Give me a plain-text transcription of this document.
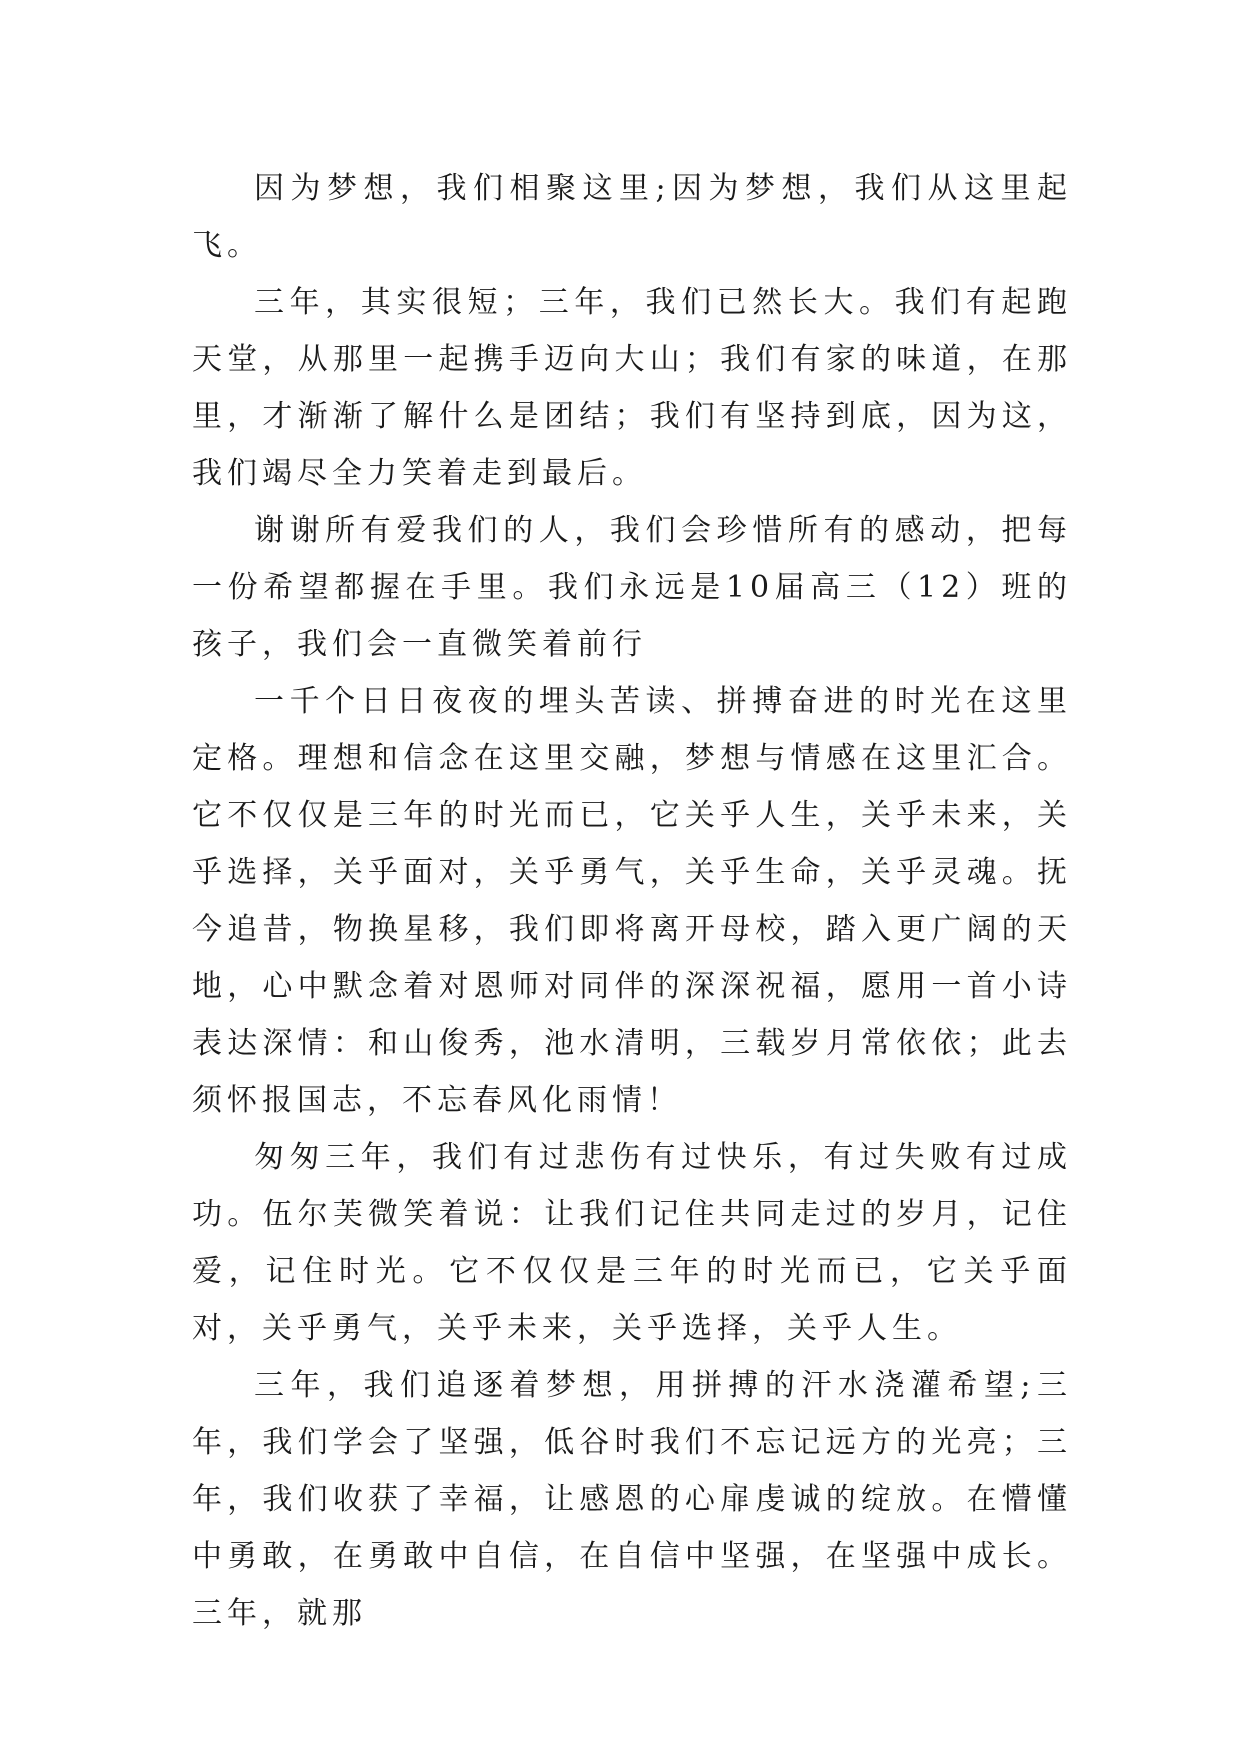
因为梦想，我们相聚这里;因为梦想，我们从这里起飞。

三年，其实很短；三年，我们已然长大。我们有起跑天堂，从那里一起携手迈向大山；我们有家的味道，在那里，才渐渐了解什么是团结；我们有坚持到底，因为这，我们竭尽全力笑着走到最后。

谢谢所有爱我们的人，我们会珍惜所有的感动，把每一份希望都握在手里。我们永远是10届高三（12）班的孩子，我们会一直微笑着前行

一千个日日夜夜的埋头苦读、拼搏奋进的时光在这里定格。理想和信念在这里交融，梦想与情感在这里汇合。它不仅仅是三年的时光而已，它关乎人生，关乎未来，关乎选择，关乎面对，关乎勇气，关乎生命，关乎灵魂。抚今追昔，物换星移，我们即将离开母校，踏入更广阔的天地，心中默念着对恩师对同伴的深深祝福，愿用一首小诗表达深情：和山俊秀，池水清明，三载岁月常依依；此去须怀报国志，不忘春风化雨情！

匆匆三年，我们有过悲伤有过快乐，有过失败有过成功。伍尔芙微笑着说：让我们记住共同走过的岁月，记住爱，记住时光。它不仅仅是三年的时光而已，它关乎面对，关乎勇气，关乎未来，关乎选择，关乎人生。

三年，我们追逐着梦想，用拼搏的汗水浇灌希望;三年，我们学会了坚强，低谷时我们不忘记远方的光亮；三年，我们收获了幸福，让感恩的心扉虔诚的绽放。在懵懂中勇敢，在勇敢中自信，在自信中坚强，在坚强中成长。三年，就那
